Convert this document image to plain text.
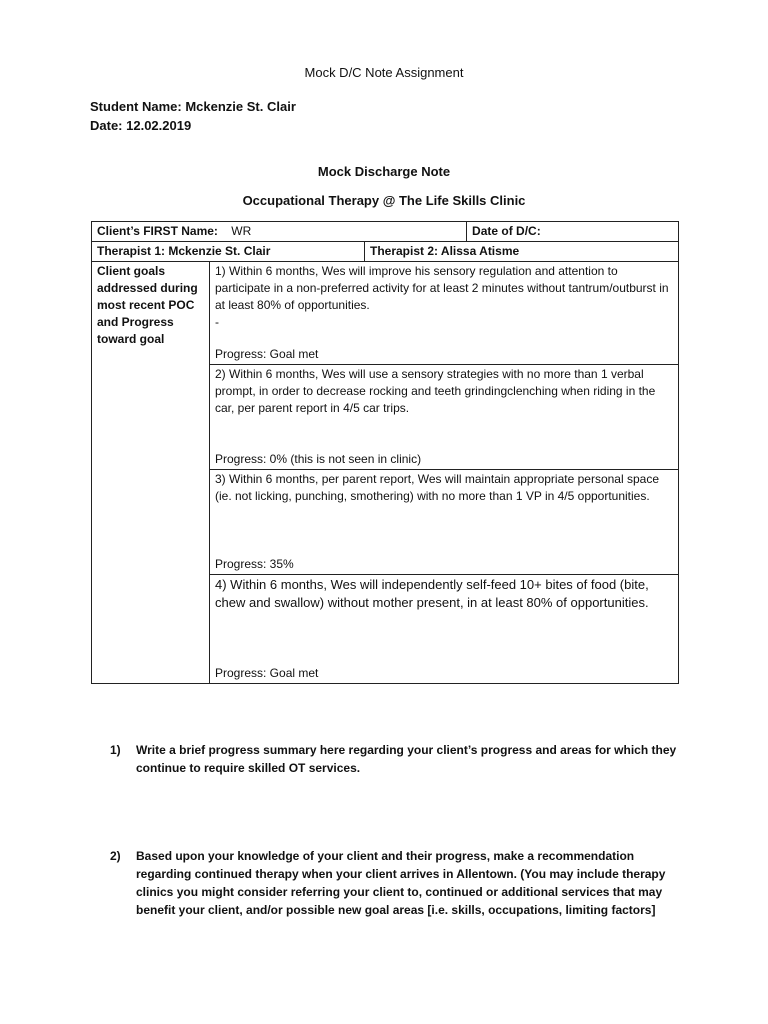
Mock D/C Note Assignment
Student Name: Mckenzie St. Clair
Date: 12.02.2019
Mock Discharge Note
Occupational Therapy @ The Life Skills Clinic
Client’s FIRST Name: WR			Date of D/C:
Therapist 1: Mckenzie St. Clair		Therapist 2: Alissa Atisme	
Client goals addressed during most recent POC and Progress toward goal	1) Within 6 months, Wes will improve his sensory regulation and attention to participate in a non-preferred activity for at least 2 minutes without tantrum/outburst in at least 80% of opportunities.
-
Progress: Goal met		

	2) Within 6 months, Wes will use a sensory strategies with no more than 1 verbal prompt, in order to decrease rocking and teeth grindingclenching when riding in the car, per parent report in 4/5 car trips.
Progress: 0% (this is not seen in clinic)		

	3) Within 6 months, per parent report, Wes will maintain appropriate personal space (ie. not licking, punching, smothering) with no more than 1 VP in 4/5 opportunities.
Progress: 35%		

	4) Within 6 months, Wes will independently self-feed 10+ bites of food (bite, chew and swallow) without mother present, in at least 80% of opportunities.
Progress: Goal met		
1) Write a brief progress summary here regarding your client’s progress and areas for which they continue to require skilled OT services.
2) Based upon your knowledge of your client and their progress, make a recommendation regarding continued therapy when your client arrives in Allentown. (You may include therapy clinics you might consider referring your client to, continued or additional services that may benefit your client, and/or possible new goal areas [i.e. skills, occupations, limiting factors]
